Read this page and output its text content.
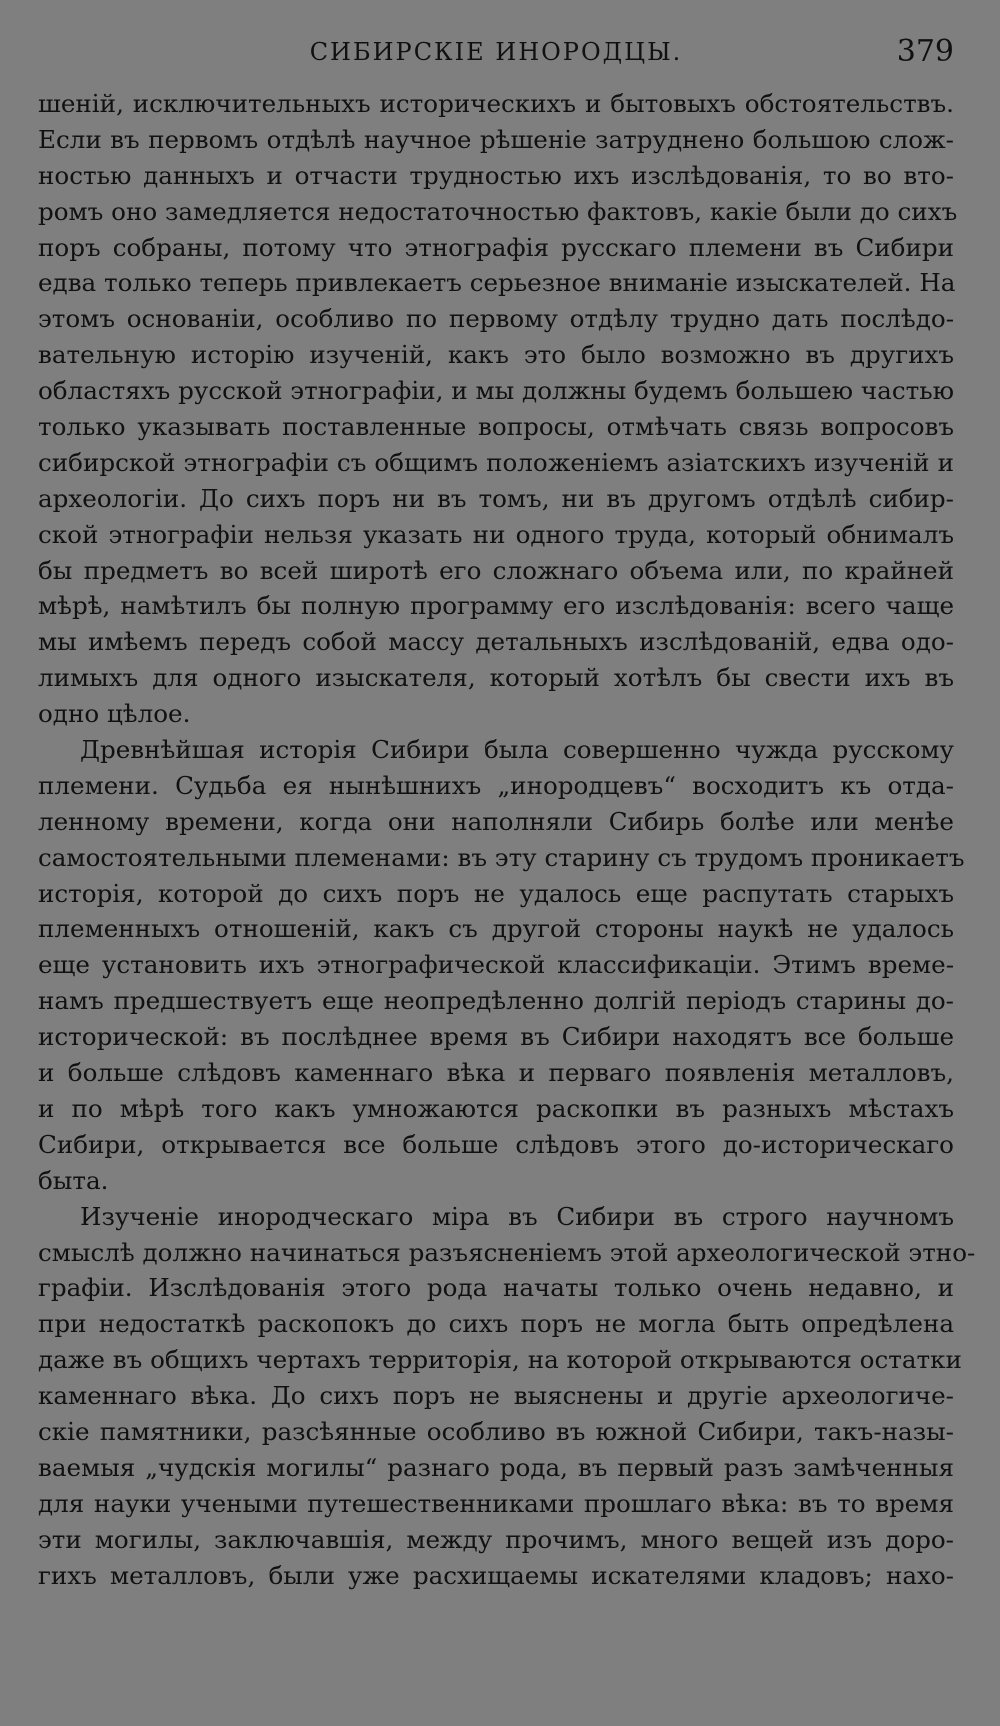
СИБИРСКІЕ ИНОРОДЦЫ.	379
шеній, исключительныхъ историческихъ и бытовыхъ обстоятельствъ.
Если въ первомъ отдѣлѣ научное рѣшеніе затруднено большою слож-
ностью данныхъ и отчасти трудностью ихъ изслѣдованія, то во вто-
ромъ оно замедляется недостаточностью фактовъ, какіе были до сихъ
поръ собраны, потому что этнографія русскаго племени въ Сибири
едва только теперь привлекаетъ серьезное вниманіе изыскателей. На
этомъ основаніи, особливо по первому отдѣлу трудно дать послѣдо-
вательную исторію изученій, какъ это было возможно въ другихъ
областяхъ русской этнографіи, и мы должны будемъ большею частью
только указывать поставленные вопросы, отмѣчать связь вопросовъ
сибирской этнографіи съ общимъ положеніемъ азіатскихъ изученій и
археологіи. До сихъ поръ ни въ томъ, ни въ другомъ отдѣлѣ сибир-
ской этнографіи нельзя указать ни одного труда, который обнималъ
бы предметъ во всей широтѣ его сложнаго объема или, по крайней
мѣрѣ, намѣтилъ бы полную программу его изслѣдованія: всего чаще
мы имѣемъ передъ собой массу детальныхъ изслѣдованій, едва одо-
лимыхъ для одного изыскателя, который хотѣлъ бы свести ихъ въ
одно цѣлое.
Древнѣйшая исторія Сибири была совершенно чужда русскому
племени. Судьба ея нынѣшнихъ „инородцевъ“ восходитъ къ отда-
ленному времени, когда они наполняли Сибирь болѣе или менѣе
самостоятельными племенами: въ эту старину съ трудомъ проникаетъ
исторія, которой до сихъ поръ не удалось еще распутать старыхъ
племенныхъ отношеній, какъ съ другой стороны наукѣ не удалось
еще установить ихъ этнографической классификаціи. Этимъ време-
намъ предшествуетъ еще неопредѣленно долгій періодъ старины до-
исторической: въ послѣднее время въ Сибири находятъ все больше
и больше слѣдовъ каменнаго вѣка и перваго появленія металловъ,
и по мѣрѣ того какъ умножаются раскопки въ разныхъ мѣстахъ
Сибири, открывается все больше слѣдовъ этого до-историческаго
быта.
Изученіе инородческаго міра въ Сибири въ строго научномъ
смыслѣ должно начинаться разъясненіемъ этой археологической этно-
графіи. Изслѣдованія этого рода начаты только очень недавно, и
при недостаткѣ раскопокъ до сихъ поръ не могла быть опредѣлена
даже въ общихъ чертахъ территорія, на которой открываются остатки
каменнаго вѣка. До сихъ поръ не выяснены и другіе археологиче-
скіе памятники, разсѣянные особливо въ южной Сибири, такъ-назы-
ваемыя „чудскія могилы“ разнаго рода, въ первый разъ замѣченныя
для науки учеными путешественниками прошлаго вѣка: въ то время
эти могилы, заключавшія, между прочимъ, много вещей изъ доро-
гихъ металловъ, были уже расхищаемы искателями кладовъ; нахо-
